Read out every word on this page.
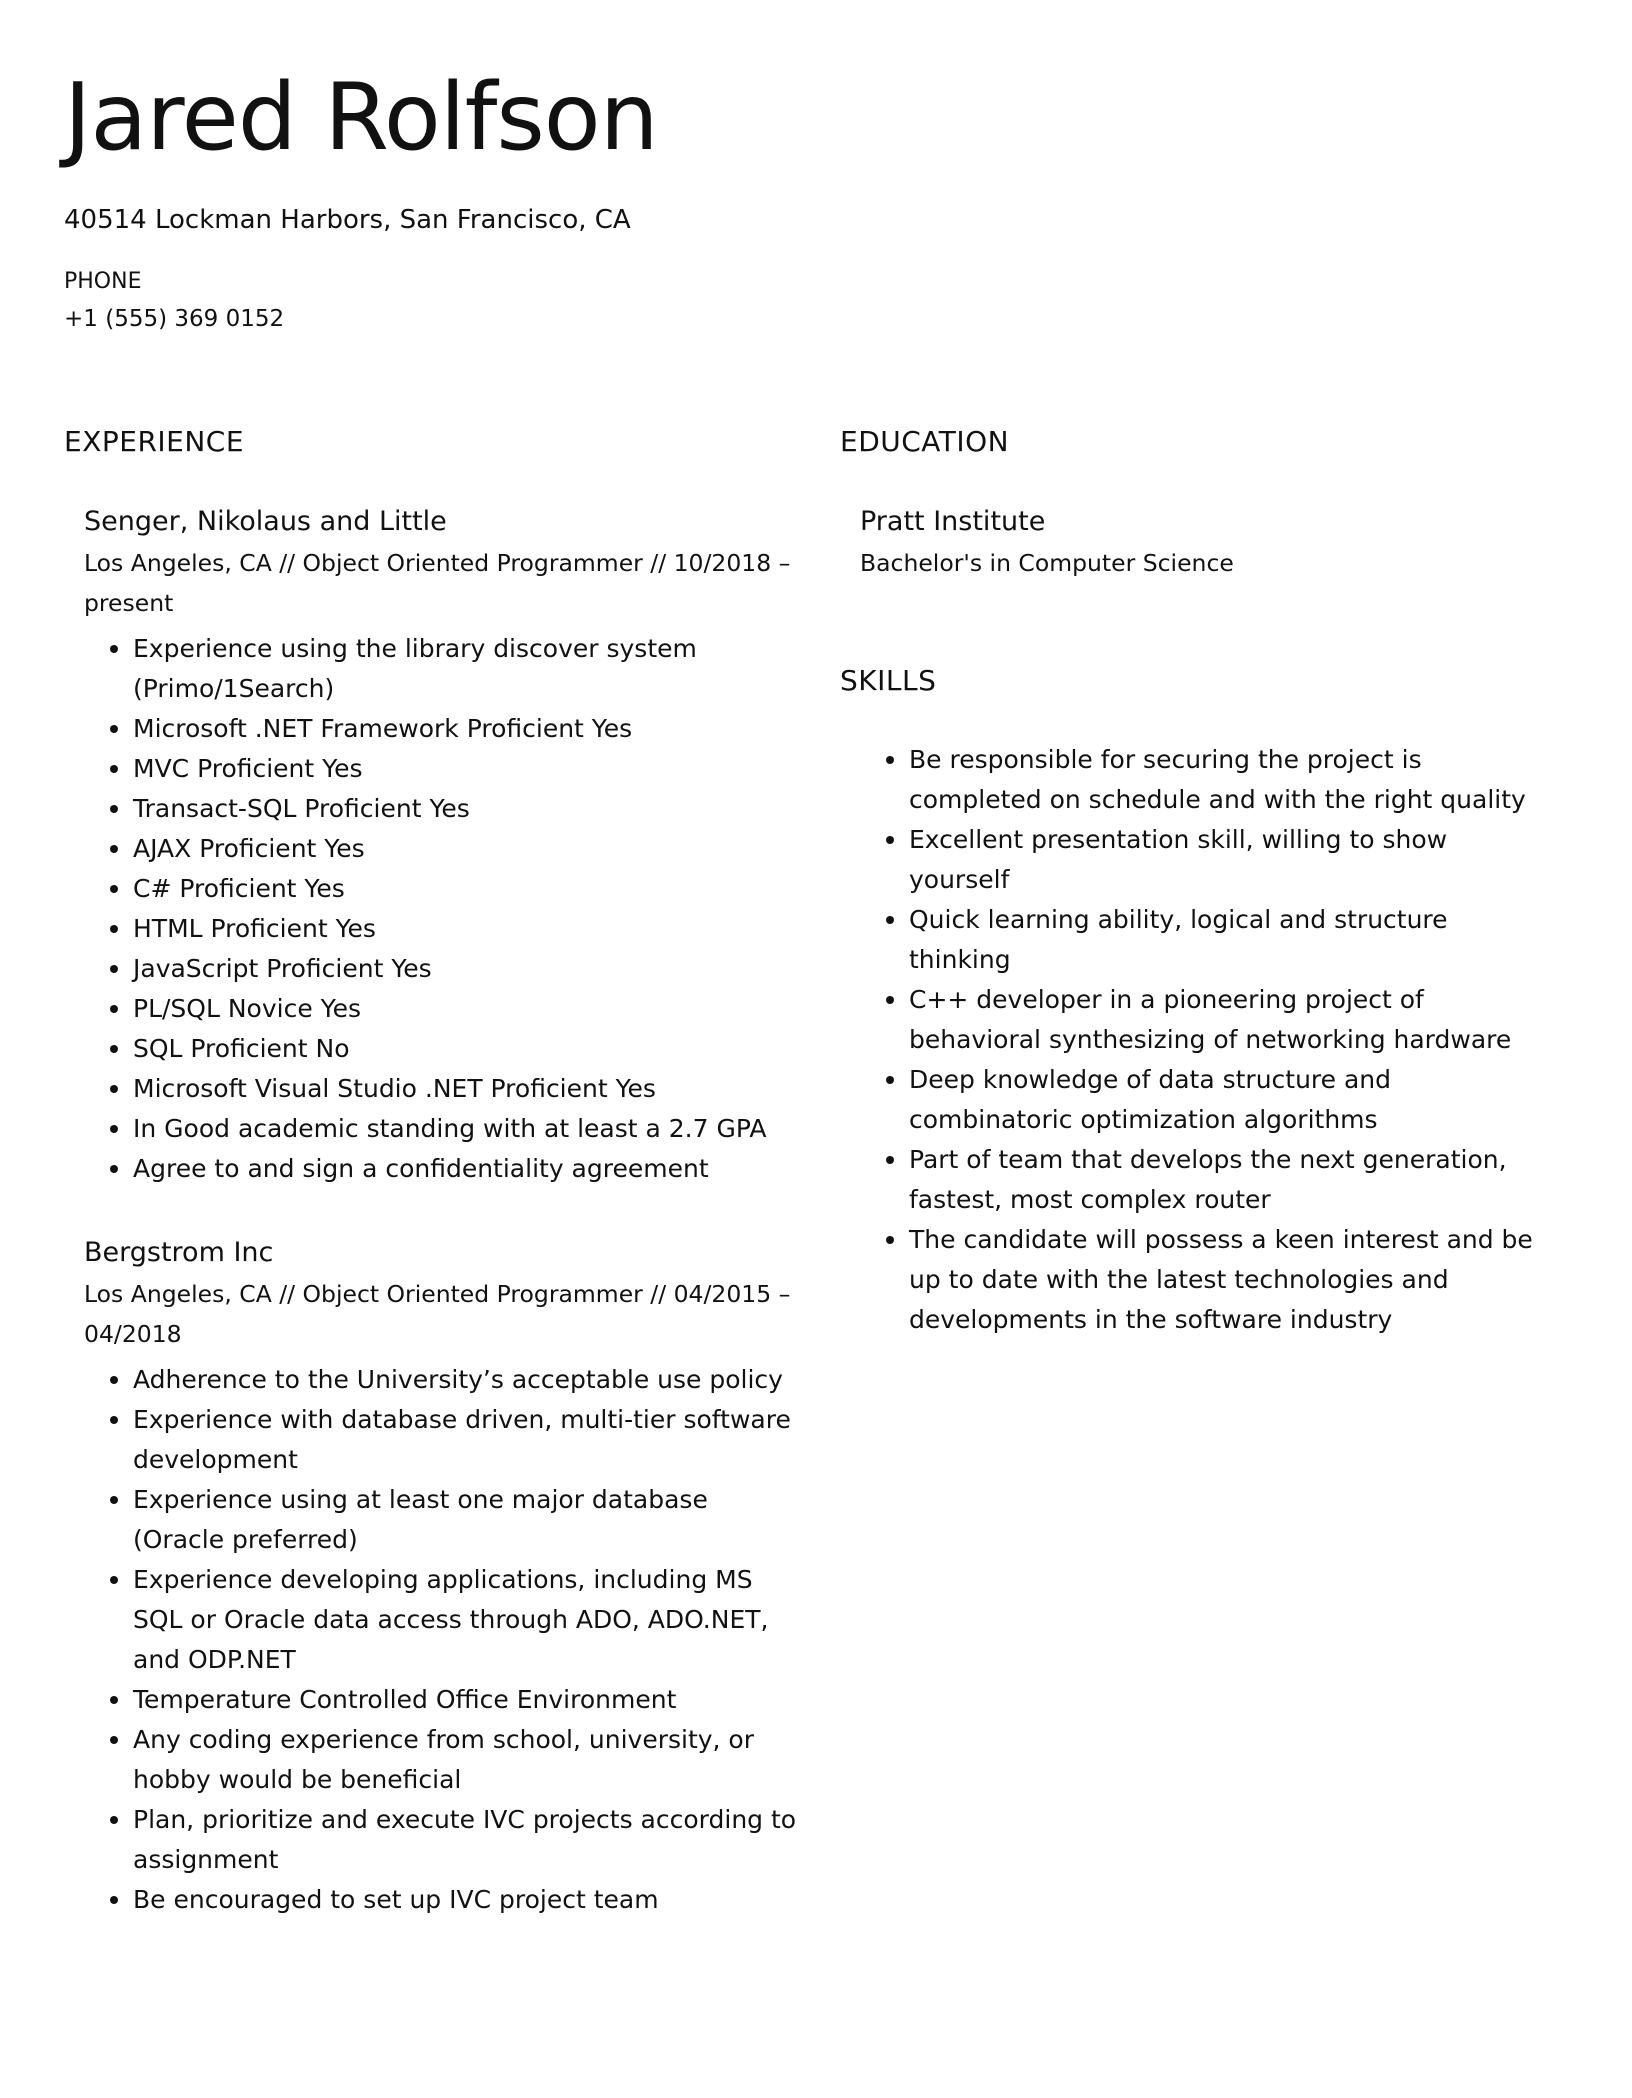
Jared Rolfson
40514 Lockman Harbors, San Francisco, CA
PHONE
+1 (555) 369 0152
EXPERIENCE
Senger, Nikolaus and Little

Los Angeles, CA // Object Oriented Programmer // 10/2018 – present

Experience using the library discover system (Primo/1Search)
Microsoft .NET Framework Proficient Yes
MVC Proficient Yes
Transact-SQL Proficient Yes
AJAX Proficient Yes
C# Proficient Yes
HTML Proficient Yes
JavaScript Proficient Yes
PL/SQL Novice Yes
SQL Proficient No
Microsoft Visual Studio .NET Proficient Yes
In Good academic standing with at least a 2.7 GPA
Agree to and sign a confidentiality agreement
Bergstrom Inc

Los Angeles, CA // Object Oriented Programmer // 04/2015 – 04/2018

Adherence to the University’s acceptable use policy
Experience with database driven, multi-tier software development
Experience using at least one major database (Oracle preferred)
Experience developing applications, including MS SQL or Oracle data access through ADO, ADO.NET, and ODP.NET
Temperature Controlled Office Environment
Any coding experience from school, university, or hobby would be beneficial
Plan, prioritize and execute IVC projects according to assignment
Be encouraged to set up IVC project team
EDUCATION
Pratt Institute

Bachelor's in Computer Science

SKILLS
Be responsible for securing the project is completed on schedule and with the right quality
Excellent presentation skill, willing to show yourself
Quick learning ability, logical and structure thinking
C++ developer in a pioneering project of behavioral synthesizing of networking hardware
Deep knowledge of data structure and combinatoric optimization algorithms
Part of team that develops the next generation, fastest, most complex router
The candidate will possess a keen interest and be up to date with the latest technologies and developments in the software industry
